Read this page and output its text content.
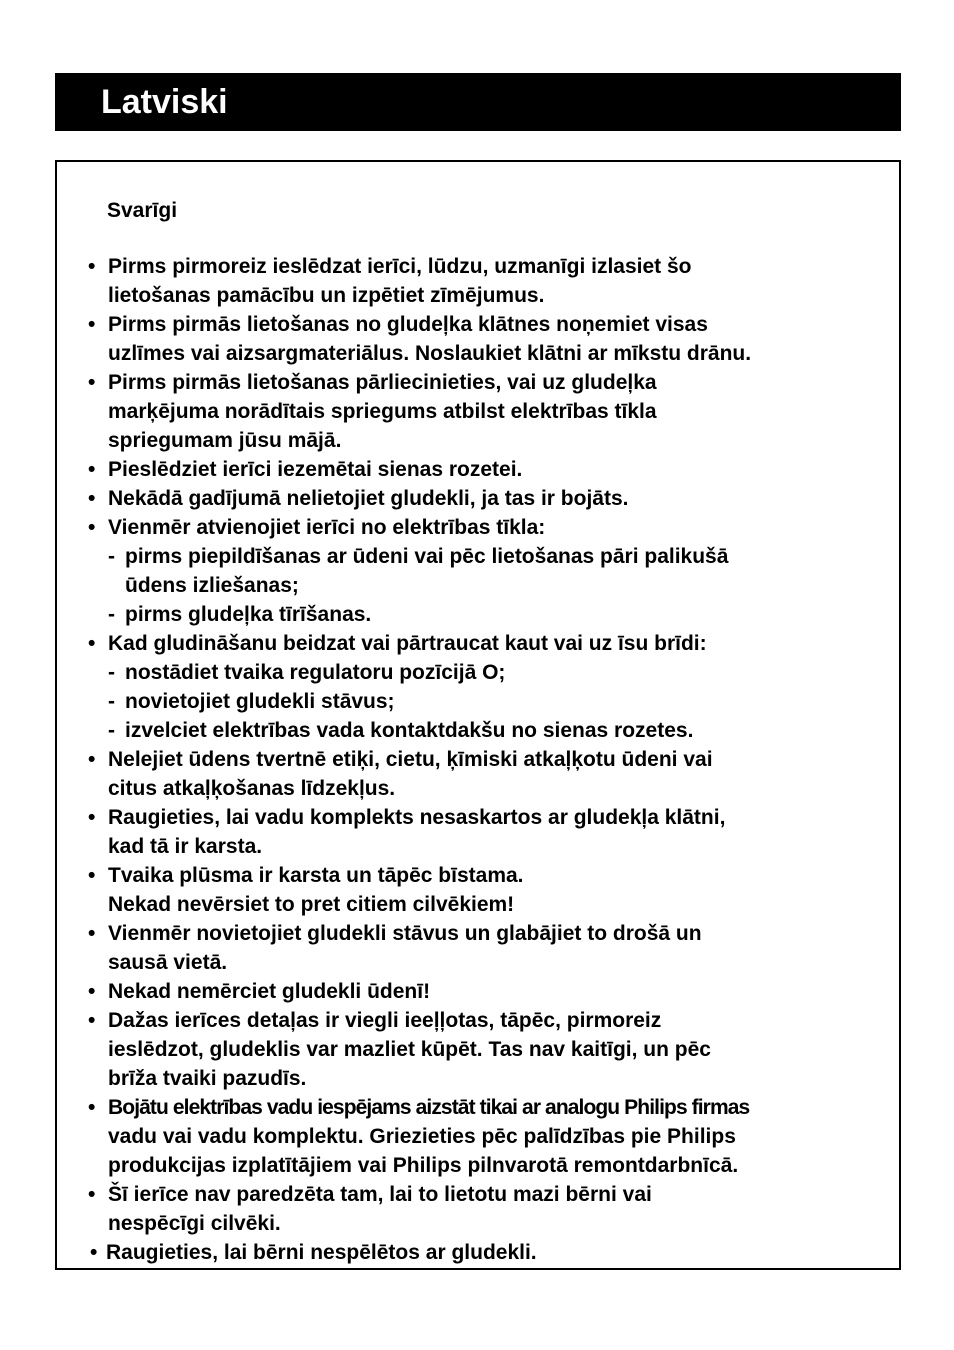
Latviski
Svarīgi
• Pirms pirmoreiz ieslēdzat ierīci, lūdzu, uzmanīgi izlasiet šo
lietošanas pamācību un izpētiet zīmējumus.
• Pirms pirmās lietošanas no gludeļka klātnes noņemiet visas
uzlīmes vai aizsargmateriālus. Noslaukiet klātni ar mīkstu drānu.
• Pirms pirmās lietošanas pārliecinieties, vai uz gludeļka
marķējuma norādītais spriegums atbilst elektrības tīkla
spriegumam jūsu mājā.
• Pieslēdziet ierīci iezemētai sienas rozetei.
• Nekādā gadījumā nelietojiet gludekli, ja tas ir bojāts.
• Vienmēr atvienojiet ierīci no elektrības tīkla:
- pirms piepildīšanas ar ūdeni vai pēc lietošanas pāri palikušā
ūdens izliešanas;
- pirms gludeļka tīrīšanas.
• Kad gludināšanu beidzat vai pārtraucat kaut vai uz īsu brīdi:
- nostādiet tvaika regulatoru pozīcijā O;
- novietojiet gludekli stāvus;
- izvelciet elektrības vada kontaktdakšu no sienas rozetes.
• Nelejiet ūdens tvertnē etiķi, cietu, ķīmiski atkaļķotu ūdeni vai
citus atkaļķošanas līdzekļus.
• Raugieties, lai vadu komplekts nesaskartos ar gludekļa klātni,
kad tā ir karsta.
• Tvaika plūsma ir karsta un tāpēc bīstama.
Nekad nevērsiet to pret citiem cilvēkiem!
• Vienmēr novietojiet gludekli stāvus un glabājiet to drošā un
sausā vietā.
• Nekad nemērciet gludekli ūdenī!
• Dažas ierīces detaļas ir viegli ieeļļotas, tāpēc, pirmoreiz
ieslēdzot, gludeklis var mazliet kūpēt. Tas nav kaitīgi, un pēc
brīža tvaiki pazudīs.
• Bojātu elektrības vadu iespējams aizstāt tikai ar analogu Philips firmas
vadu vai vadu komplektu. Griezieties pēc palīdzības pie Philips
produkcijas izplatītājiem vai Philips pilnvarotā remontdarbnīcā.
• Šī ierīce nav paredzēta tam, lai to lietotu mazi bērni vai
nespēcīgi cilvēki.
• Raugieties, lai bērni nespēlētos ar gludekli.
